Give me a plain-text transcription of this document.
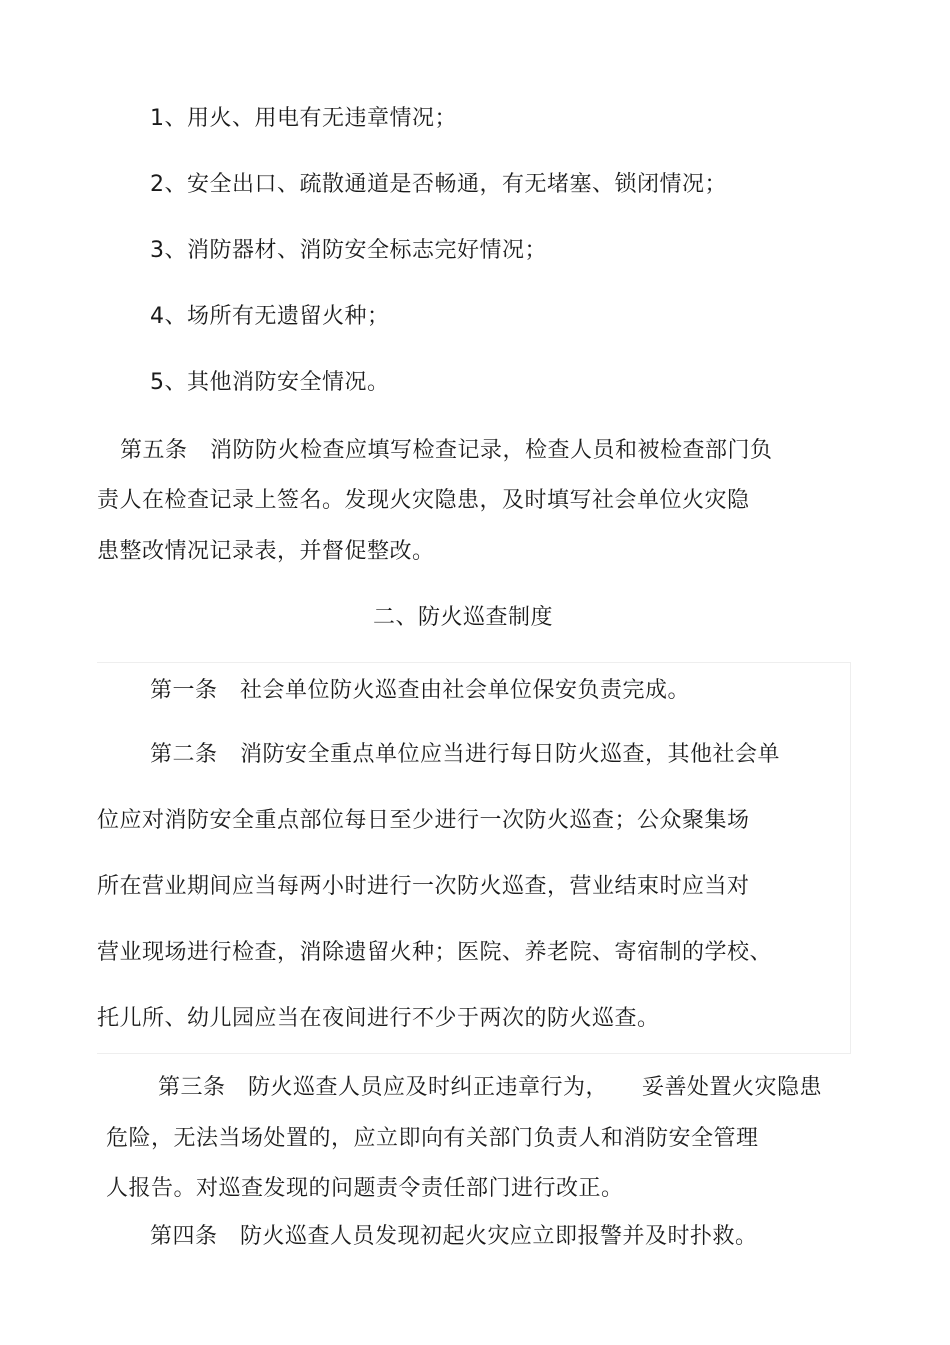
1、用火、用电有无违章情况；
2、安全出口、疏散通道是否畅通，有无堵塞、锁闭情况；
3、消防器材、消防安全标志完好情况；
4、场所有无遗留火种；
5、其他消防安全情况。
第五条　消防防火检查应填写检查记录，检查人员和被检查部门负
责人在检查记录上签名。发现火灾隐患，及时填写社会单位火灾隐
患整改情况记录表，并督促整改。
二、防火巡查制度
第一条　社会单位防火巡查由社会单位保安负责完成。
第二条　消防安全重点单位应当进行每日防火巡查，其他社会单
位应对消防安全重点部位每日至少进行一次防火巡查；公众聚集场
所在营业期间应当每两小时进行一次防火巡查，营业结束时应当对
营业现场进行检查，消除遗留火种；医院、养老院、寄宿制的学校、
托儿所、幼儿园应当在夜间进行不少于两次的防火巡查。
第三条　防火巡查人员应及时纠正违章行为，　　妥善处置火灾隐患
危险，无法当场处置的，应立即向有关部门负责人和消防安全管理
人报告。对巡查发现的问题责令责任部门进行改正。
第四条　防火巡查人员发现初起火灾应立即报警并及时扑救。
